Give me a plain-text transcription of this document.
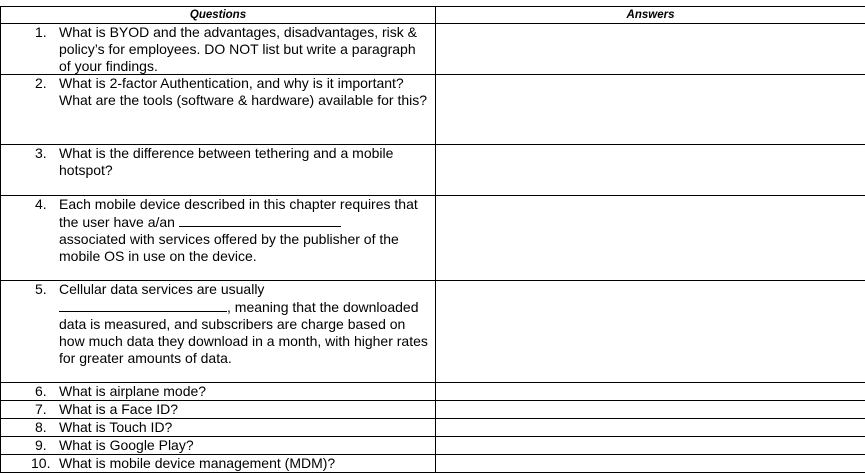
Questions	Answers

1. What is BYOD and the advantages, disadvantages, risk & policy’s for employees. DO NOT list but write a paragraph of your findings.	

2. What is 2-factor Authentication, and why is it important? What are the tools (software & hardware) available for this?	

3. What is the difference between tethering and a mobile hotspot?	

4. Each mobile device described in this chapter requires that the user have a/an
associated with services offered by the publisher of the mobile OS in use on the device.	

5. Cellular data services are usually
, meaning that the downloaded data is measured, and subscribers are charge based on how much data they download in a month, with higher rates for greater amounts of data.	

6. What is airplane mode?	

7. What is a Face ID?	

8. What is Touch ID?	

9. What is Google Play?	

10. What is mobile device management (MDM)?	
